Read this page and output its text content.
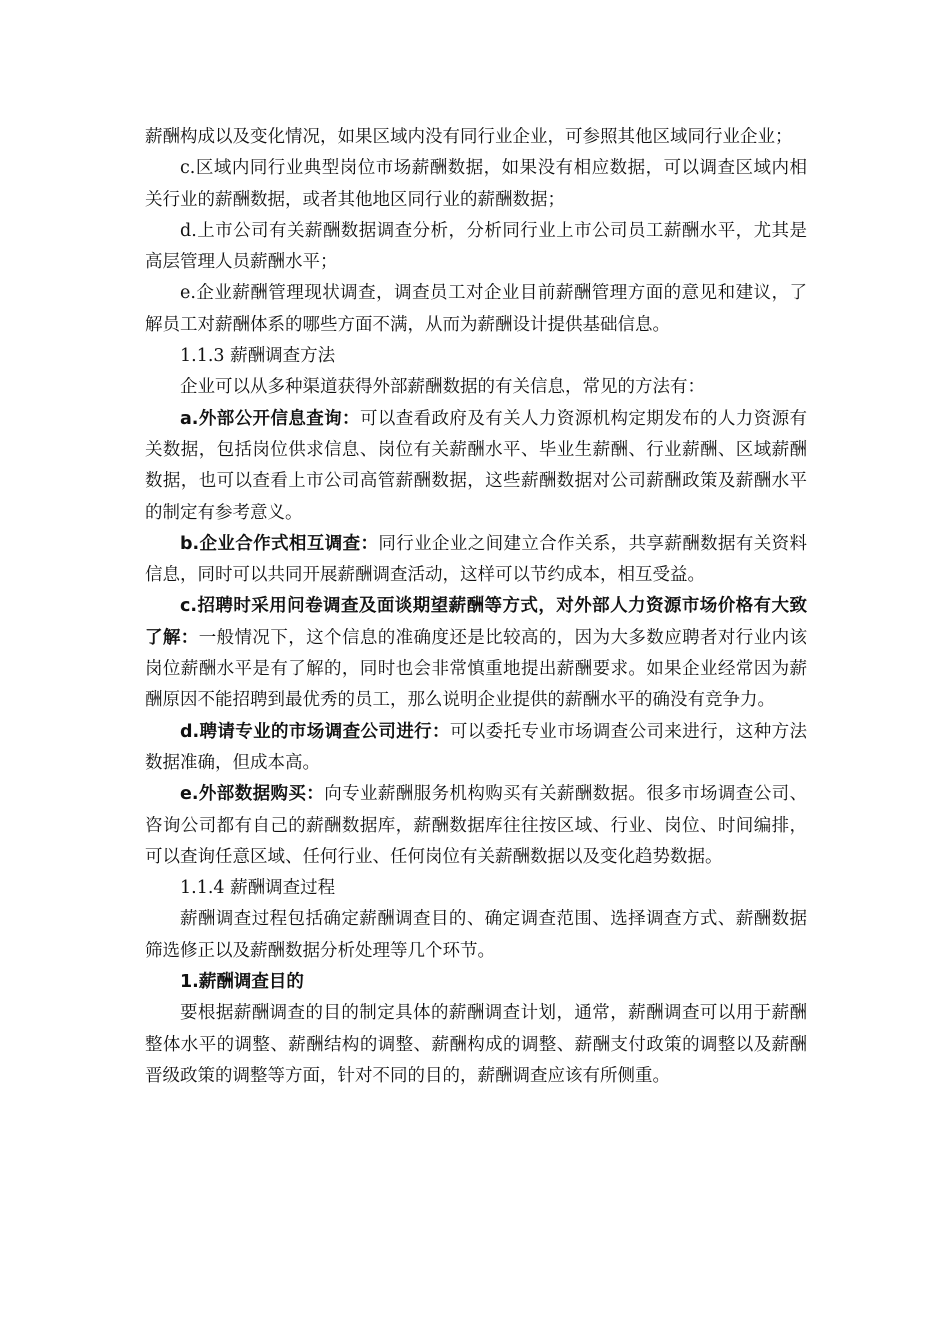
薪酬构成以及变化情况，如果区域内没有同行业企业，可参照其他区域同行业企业；

c.区域内同行业典型岗位市场薪酬数据，如果没有相应数据，可以调查区域内相关行业的薪酬数据，或者其他地区同行业的薪酬数据；

d.上市公司有关薪酬数据调查分析，分析同行业上市公司员工薪酬水平，尤其是高层管理人员薪酬水平；

e.企业薪酬管理现状调查，调查员工对企业目前薪酬管理方面的意见和建议，了解员工对薪酬体系的哪些方面不满，从而为薪酬设计提供基础信息。

1.1.3 薪酬调查方法

企业可以从多种渠道获得外部薪酬数据的有关信息，常见的方法有：

a.外部公开信息查询：可以查看政府及有关人力资源机构定期发布的人力资源有关数据，包括岗位供求信息、岗位有关薪酬水平、毕业生薪酬、行业薪酬、区域薪酬数据，也可以查看上市公司高管薪酬数据，这些薪酬数据对公司薪酬政策及薪酬水平的制定有参考意义。

b.企业合作式相互调查：同行业企业之间建立合作关系，共享薪酬数据有关资料信息，同时可以共同开展薪酬调查活动，这样可以节约成本，相互受益。

c.招聘时采用问卷调查及面谈期望薪酬等方式，对外部人力资源市场价格有大致了解：一般情况下，这个信息的准确度还是比较高的，因为大多数应聘者对行业内该岗位薪酬水平是有了解的，同时也会非常慎重地提出薪酬要求。如果企业经常因为薪酬原因不能招聘到最优秀的员工，那么说明企业提供的薪酬水平的确没有竞争力。

d.聘请专业的市场调查公司进行：可以委托专业市场调查公司来进行，这种方法数据准确，但成本高。

e.外部数据购买：向专业薪酬服务机构购买有关薪酬数据。很多市场调查公司、咨询公司都有自己的薪酬数据库，薪酬数据库往往按区域、行业、岗位、时间编排，可以查询任意区域、任何行业、任何岗位有关薪酬数据以及变化趋势数据。

1.1.4 薪酬调查过程

薪酬调查过程包括确定薪酬调查目的、确定调查范围、选择调查方式、薪酬数据筛选修正以及薪酬数据分析处理等几个环节。

1.薪酬调查目的

要根据薪酬调查的目的制定具体的薪酬调查计划，通常，薪酬调查可以用于薪酬整体水平的调整、薪酬结构的调整、薪酬构成的调整、薪酬支付政策的调整以及薪酬晋级政策的调整等方面，针对不同的目的，薪酬调查应该有所侧重。
